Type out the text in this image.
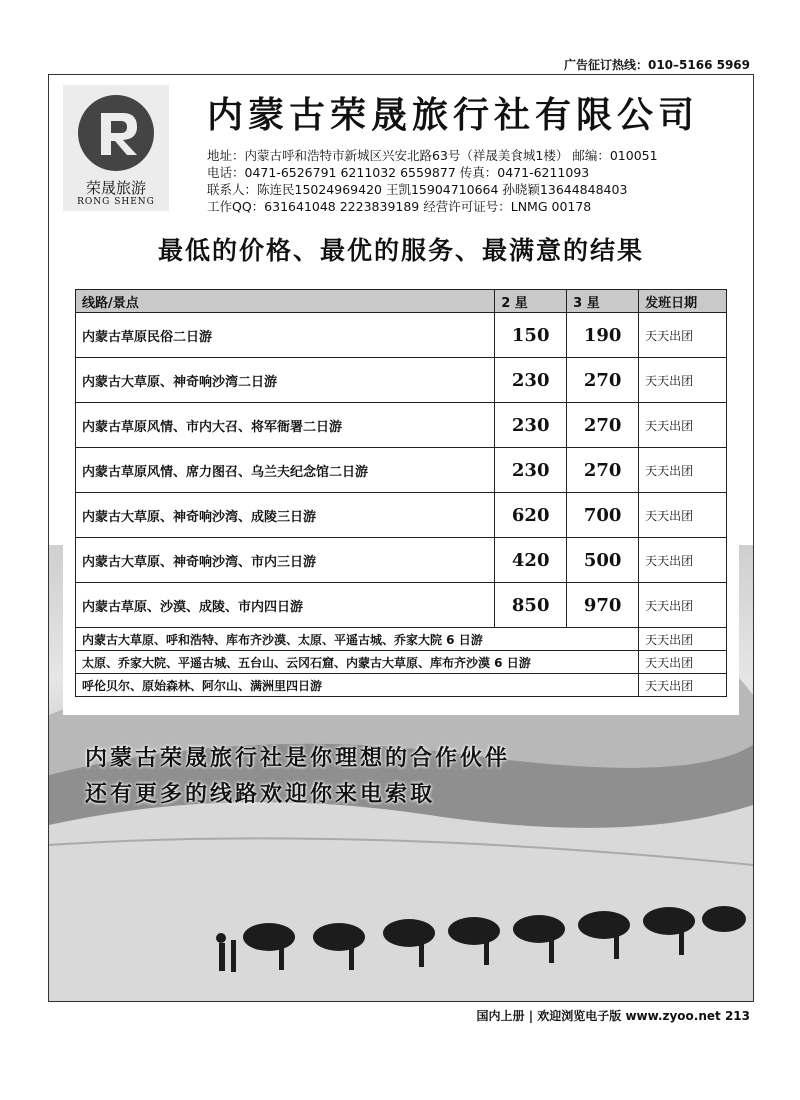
广告征订热线：010–5166 5969
荣晟旅游
RONG SHENG
内蒙古荣晟旅行社有限公司
地址：内蒙古呼和浩特市新城区兴安北路63号（祥晟美食城1楼） 邮编：010051
电话：0471-6526791 6211032 6559877 传真：0471-6211093
联系人：陈连民15024969420 王凯15904710664 孙晓颖13644848403
工作QQ：631641048 2223839189 经营许可证号：LNMG 00178
最低的价格、最优的服务、最满意的结果
线路/景点	2 星	3 星	发班日期
内蒙古草原民俗二日游	150	190	天天出团
内蒙古大草原、神奇响沙湾二日游	230	270	天天出团
内蒙古草原风情、市内大召、将军衙署二日游	230	270	天天出团
内蒙古草原风情、席力图召、乌兰夫纪念馆二日游	230	270	天天出团
内蒙古大草原、神奇响沙湾、成陵三日游	620	700	天天出团
内蒙古大草原、神奇响沙湾、市内三日游	420	500	天天出团
内蒙古草原、沙漠、成陵、市内四日游	850	970	天天出团
内蒙古大草原、呼和浩特、库布齐沙漠、太原、平遥古城、乔家大院 6 日游			天天出团
太原、乔家大院、平遥古城、五台山、云冈石窟、内蒙古大草原、库布齐沙漠 6 日游			天天出团
呼伦贝尔、原始森林、阿尔山、满洲里四日游			天天出团
内蒙古荣晟旅行社是你理想的合作伙伴
还有更多的线路欢迎你来电索取
国内上册 | 欢迎浏览电子版 www.zyoo.net 213
